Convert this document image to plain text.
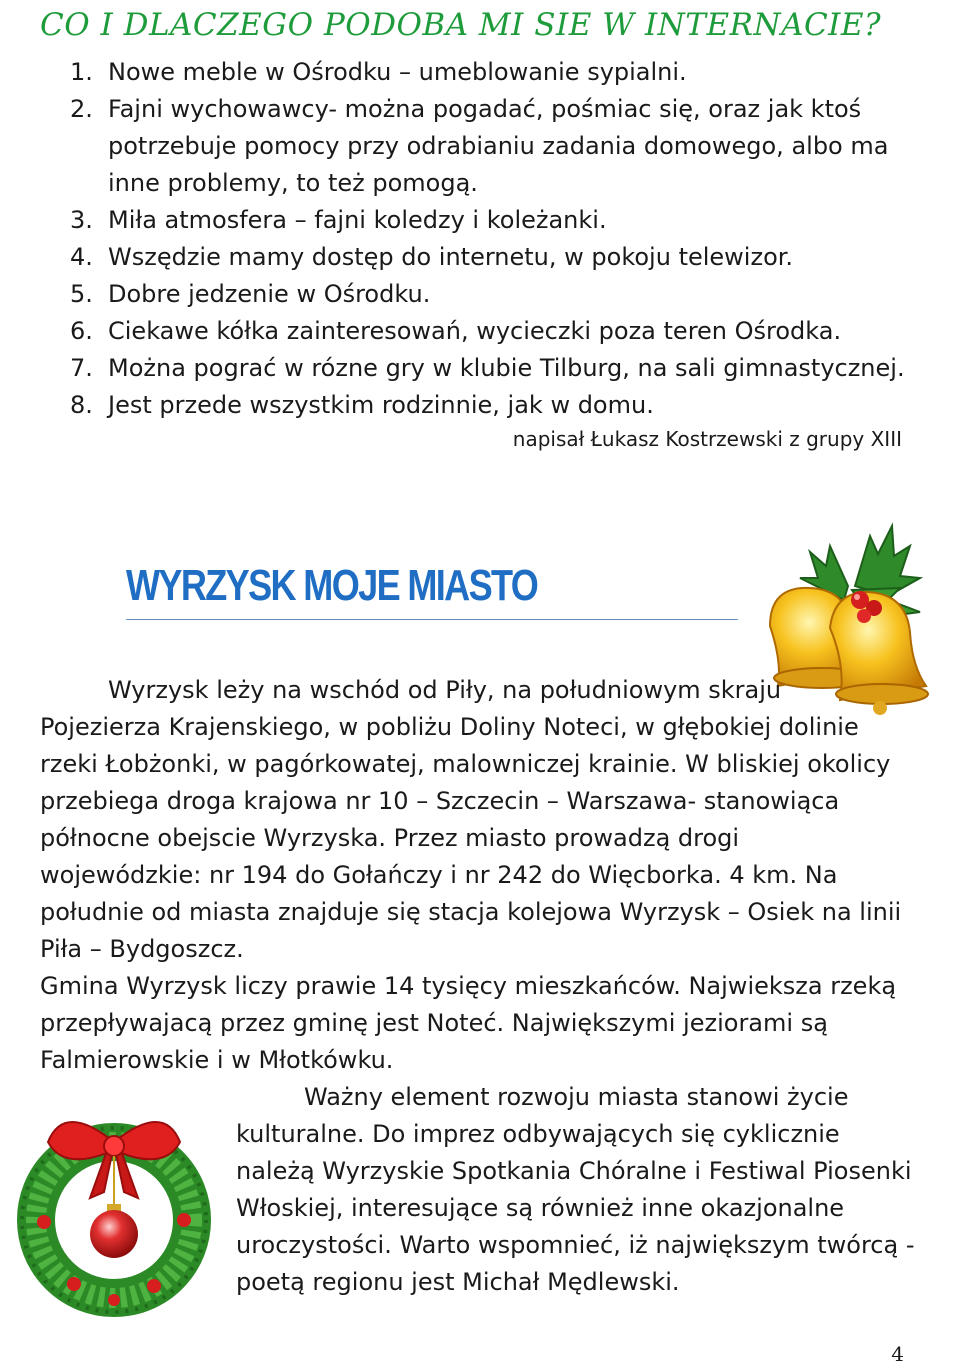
CO I DLACZEGO PODOBA MI SIE W INTERNACIE?
1. Nowe meble w Ośrodku – umeblowanie sypialni.
2. Fajni wychowawcy- można pogadać, pośmiac się, oraz jak ktoś potrzebuje pomocy przy odrabianiu zadania domowego, albo ma inne problemy, to też pomogą.
3. Miła atmosfera – fajni koledzy i koleżanki.
4. Wszędzie mamy dostęp do internetu, w pokoju telewizor.
5. Dobre jedzenie w Ośrodku.
6. Ciekawe kółka zainteresowań, wycieczki poza teren Ośrodka.
7. Można pograć w rózne gry w klubie Tilburg, na sali gimnastycznej.
8. Jest przede wszystkim rodzinnie, jak w domu.
napisał Łukasz Kostrzewski z grupy XIII
WYRZYSK MOJE MIASTO

Wyrzysk leży na wschód od Piły, na południowym skraju Pojezierza Krajenskiego, w pobliżu Doliny Noteci, w głębokiej dolinie rzeki Łobżonki, w pagórkowatej, malowniczej krainie. W bliskiej okolicy przebiega droga krajowa nr 10 – Szczecin – Warszawa- stanowiąca północne obejscie Wyrzyska. Przez miasto prowadzą drogi wojewódzkie: nr 194 do Gołańczy i nr 242 do Więcborka. 4 km. Na południe od miasta znajduje się stacja kolejowa Wyrzysk – Osiek na linii Piła – Bydgoszcz.

Gmina Wyrzysk liczy prawie 14 tysięcy mieszkańców. Najwieksza rzeką przepływajacą przez gminę jest Noteć. Największymi jeziorami są Falmierowskie i w Młotkówku.

Ważny element rozwoju miasta stanowi życie kulturalne. Do imprez odbywających się cyklicznie należą Wyrzyskie Spotkania Chóralne i Festiwal Piosenki Włoskiej, interesujące są również inne okazjonalne uroczystości. Warto wspomnieć, iż największym twórcą - poetą regionu jest Michał Mędlewski.

4
